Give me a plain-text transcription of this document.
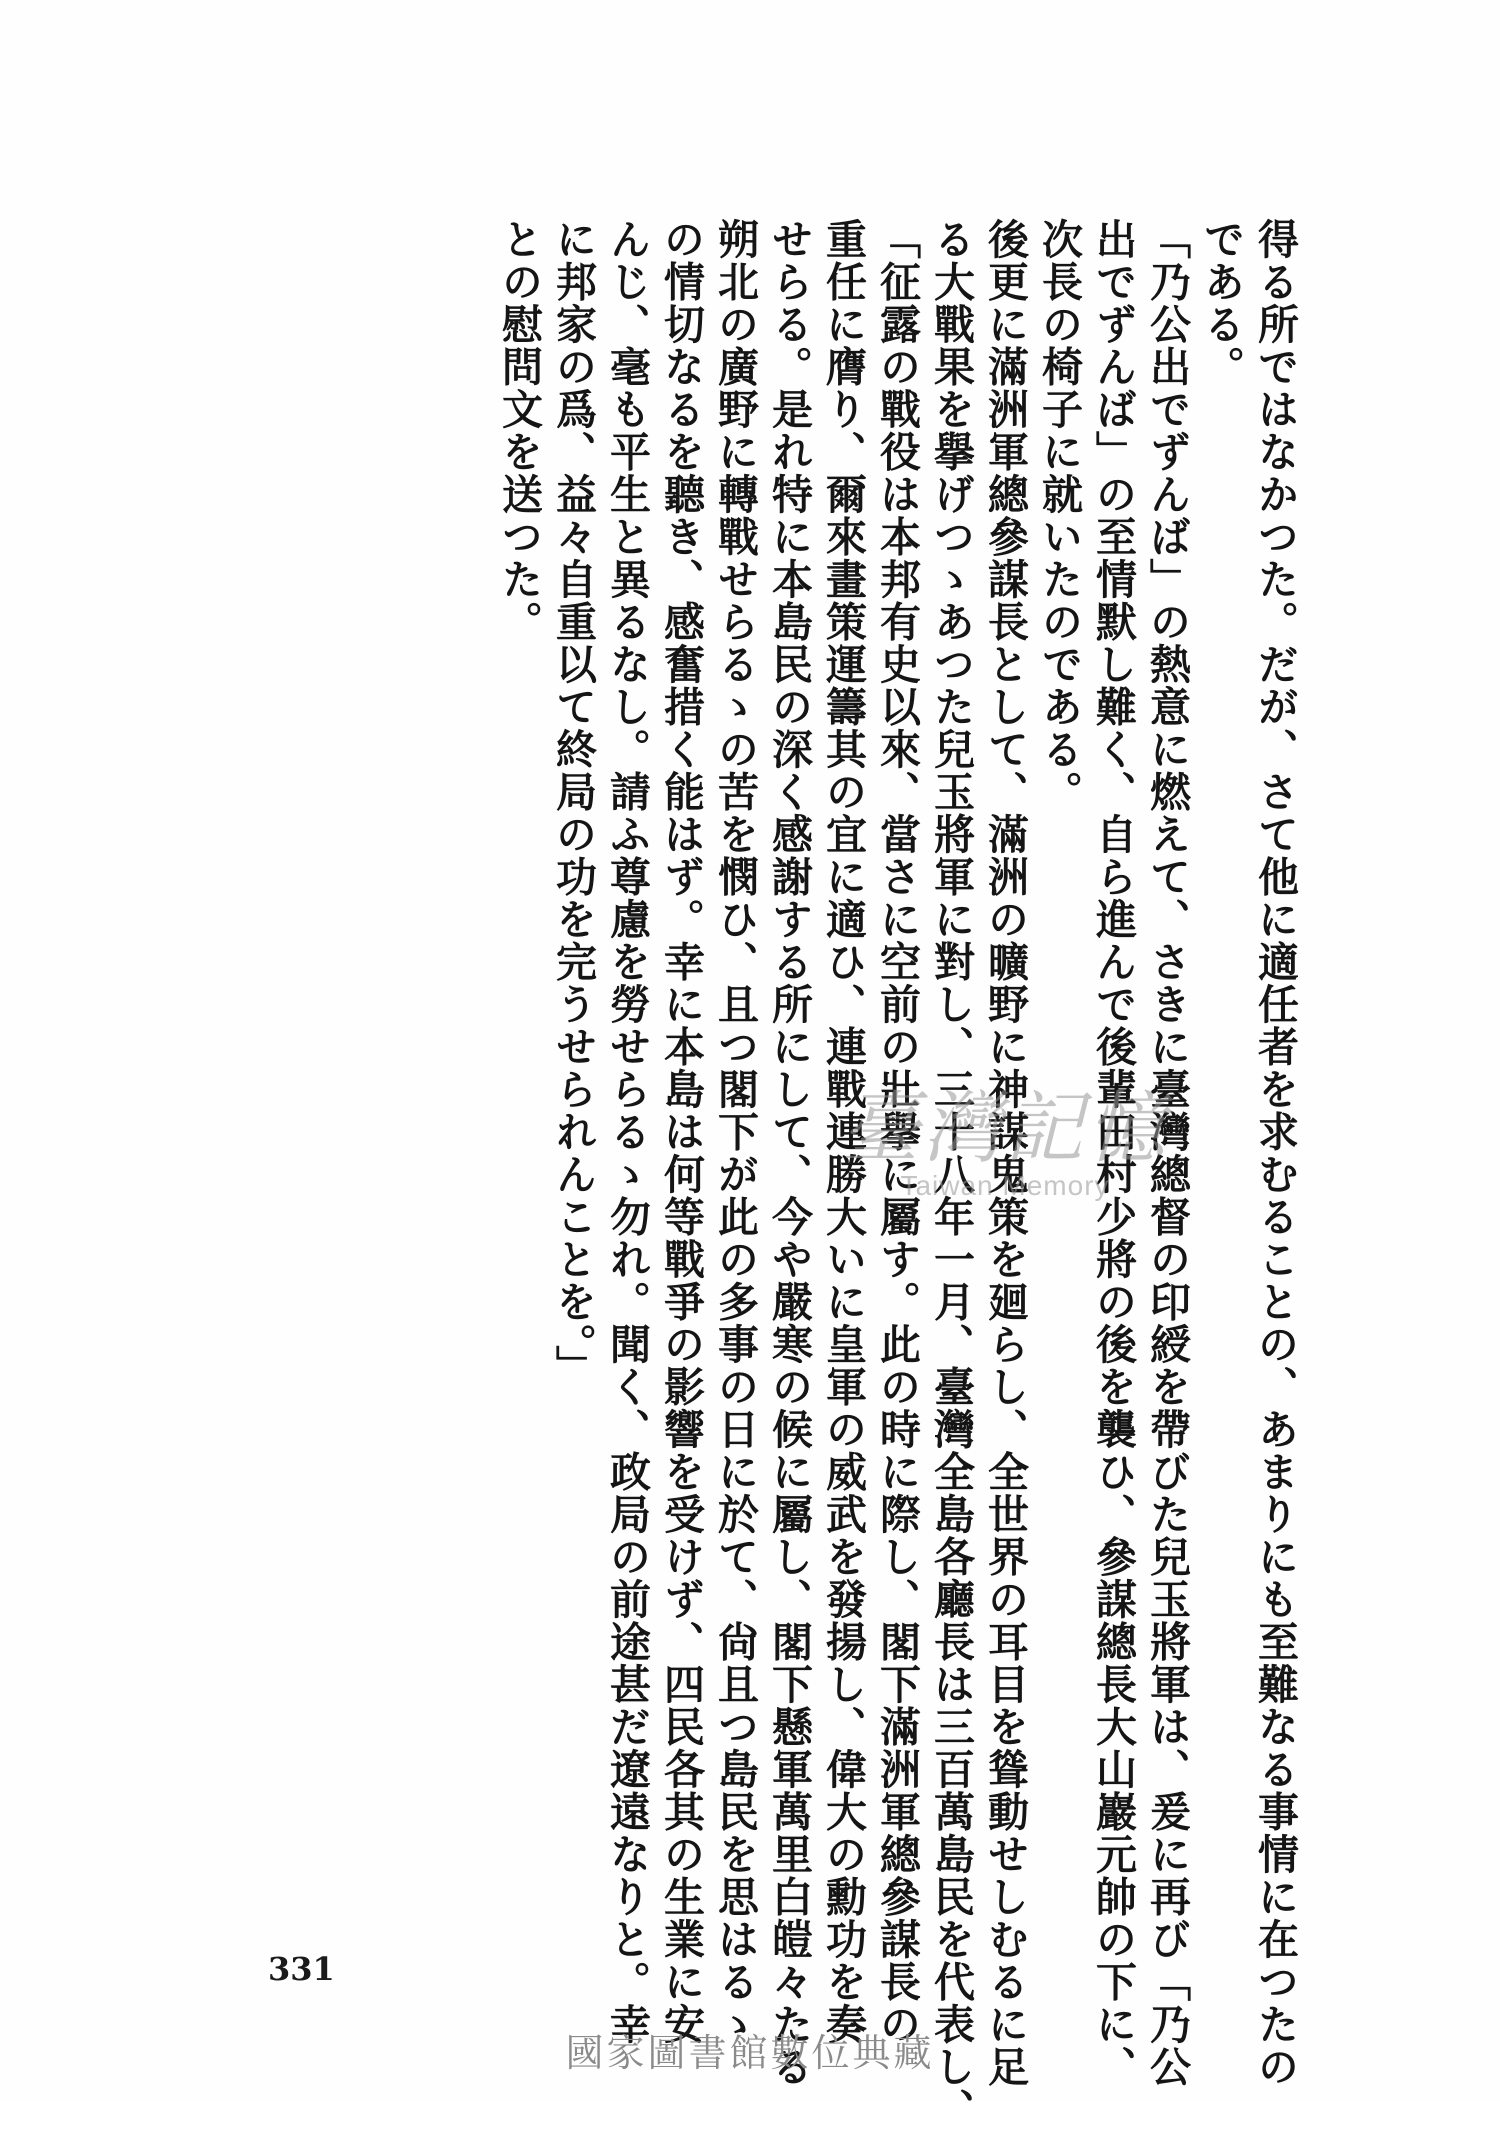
得る所ではなかつた。だが、さて他に適任者を求むることの、あまりにも至難なる事情に在つたの
である。
「乃公出でずんば」の熱意に燃えて、さきに臺灣總督の印綬を帶びた兒玉將軍は、爰に再び「乃公
出でずんば」の至情默し難く、自ら進んで後輩田村少將の後を襲ひ、參謀總長大山巖元帥の下に、
次長の椅子に就いたのである。
後更に滿洲軍總參謀長として、滿洲の曠野に神謀鬼策を廻らし、全世界の耳目を聳動せしむるに足
る大戰果を擧げつゝあつた兒玉將軍に對し、三十八年一月、臺灣全島各廳長は三百萬島民を代表し、
「征露の戰役は本邦有史以來、當さに空前の壯擧に屬す。此の時に際し、閣下滿洲軍總參謀長の
重任に膺り、爾來畫策運籌其の宜に適ひ、連戰連勝大いに皇軍の威武を發揚し、偉大の勳功を奏
せらる。是れ特に本島民の深く感謝する所にして、今や嚴寒の候に屬し、閣下懸軍萬里白皚々たる
朔北の廣野に轉戰せらるゝの苦を憫ひ、且つ閣下が此の多事の日に於て、尙且つ島民を思はるゝ
の情切なるを聽き、感奮措く能はず。幸に本島は何等戰爭の影響を受けず、四民各其の生業に安
んじ、毫も平生と異るなし。請ふ尊慮を勞せらるゝ勿れ。聞く、政局の前途甚だ遼遠なりと。幸
に邦家の爲、益々自重以て終局の功を完うせられんことを。」
との慰問文を送つた。
臺灣記憶
Taiwan Memory
331
國家圖書館數位典藏
